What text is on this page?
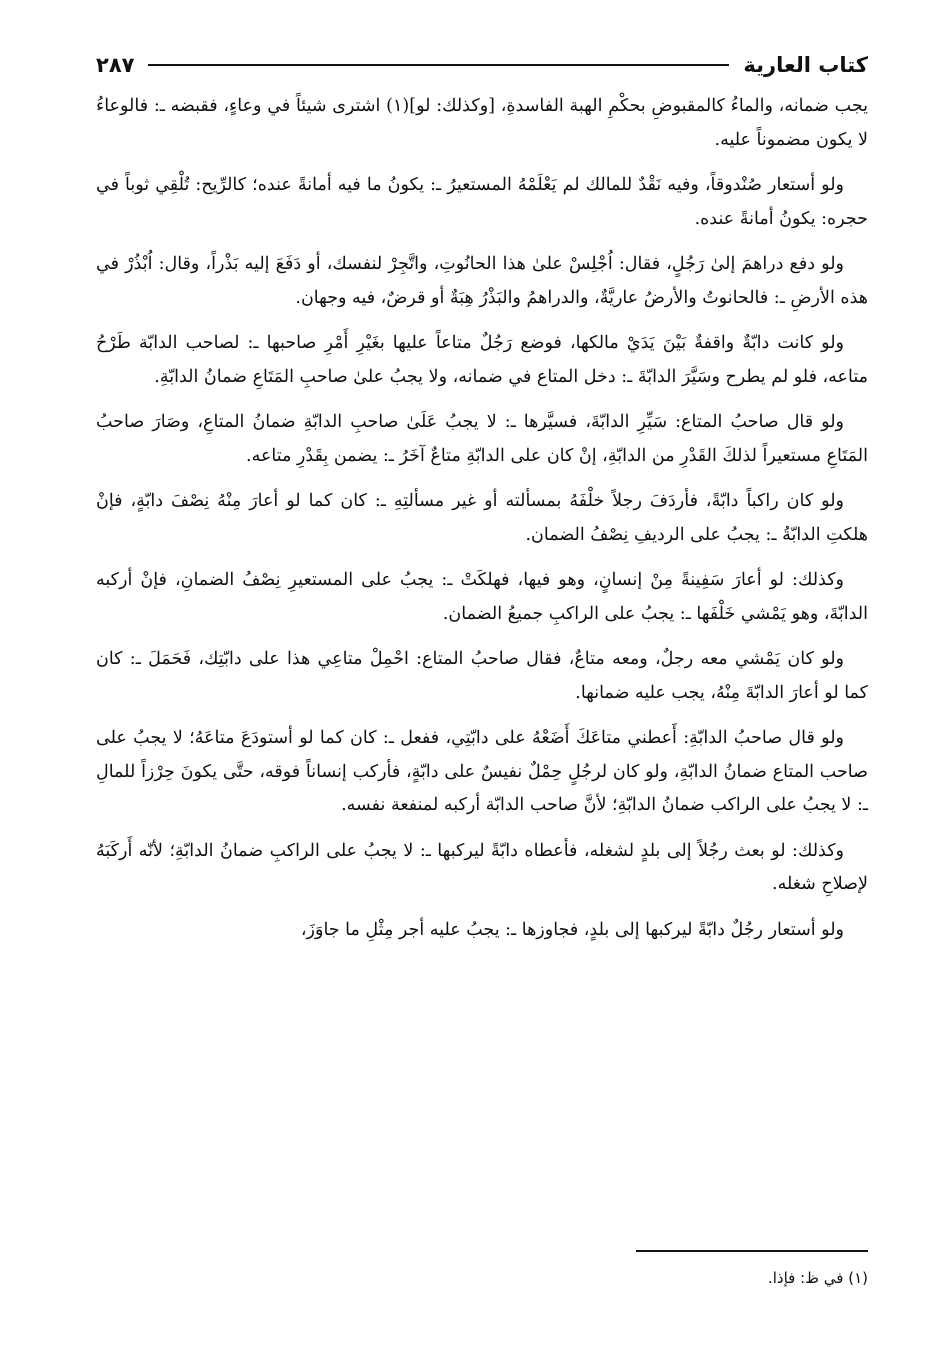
كتاب العارية
٢٨٧

يجب ضمانه، والماءُ كالمقبوضِ بحكْمِ الهبة الفاسدةِ، [وكذلك: لو](١) اشترى شيئاً في وعاءٍ، فقبضه ـ: فالوعاءُ لا يكون مضموناً عليه.

ولو أستعار صُنْدوقاً، وفيه نَقْدٌ للمالك لم يَعْلَمْهُ المستعيرُ ـ: يكونُ ما فيه أمانةً عنده؛ كالرِّيح: تُلْقِي ثوباً في حجره: يكونُ أمانةً عنده.

ولو دفع دراهمَ إلىٰ رَجُلٍ، فقال: اُجْلِسْ علىٰ هذا الحانُوتِ، واتَّجِرْ لنفسك، أو دَفَعَ إليه بَذْراً، وقال: اُبْذُرْ في هذه الأرضِ ـ: فالحانوتُ والأرضُ عاريَّةٌ، والدراهمُ والبَذْرُ هِبَةٌ أو قرضٌ، فيه وجهان.

ولو كانت دابّةٌ واقفةٌ بَيْنَ يَدَيْ مالكها، فوضع رَجُلٌ متاعاً عليها بغَيْرِ أَمْرِ صاحبها ـ: لصاحب الدابّة طَرْحُ متاعه، فلو لم يطرح وسَيَّرَ الدابّةَ ـ: دخل المتاع في ضمانه، ولا يجبُ علىٰ صاحبِ المَتَاعِ ضمانُ الدابّةِ.

ولو قال صاحبُ المتاع: سَيِّرِ الدابّةَ، فسيَّرها ـ: لا يجبُ عَلَىٰ صاحبِ الدابّةِ ضمانُ المتاعِ، وصَارَ صاحبُ المَتَاعِ مستعيراً لذلكَ القَدْرِ من الدابّةِ، إنْ كان على الدابّةِ متاعٌ آخَرُ ـ: يضمن بِقَدْرِ متاعه.

ولو كان راكباً دابّةً، فأردَفَ رجلاً خلْفَهُ بمسألته أو غير مسألتِهِ ـ: كان كما لو أعارَ مِنْهُ نِصْفَ دابّةٍ، فإنْ هلكتِ الدابّةُ ـ: يجبُ على الرديفِ نِصْفُ الضمان.

وكذلك: لو أعارَ سَفِينةً مِنْ إنسانٍ، وهو فيها، فهلكَتْ ـ: يجبُ على المستعيرِ نِصْفُ الضمانِ، فإنْ أركبه الدابّةَ، وهو يَمْشي خَلْفَها ـ: يجبُ على الراكبِ جميعُ الضمان.

ولو كان يَمْشي معه رجلٌ، ومعه متاعٌ، فقال صاحبُ المتاع: احْمِلْ متاعِي هذا على دابّتِك، فَحَمَلَ ـ: كان كما لو أعارَ الدابّةَ مِنْهُ، يجب عليه ضمانها.

ولو قال صاحبُ الدابّةِ: أَعطني متاعَكَ أَضَعْهُ على دابّتِي، ففعل ـ: كان كما لو أستودَعَ متاعَهُ؛ لا يجبُ على صاحب المتاع ضمانُ الدابّةِ، ولو كان لرجُلٍ حِمْلٌ نفيسٌ على دابّةٍ، فأركب إنساناً فوقه، حتَّى يكونَ حِرْزاً للمالِ ـ: لا يجبُ على الراكب ضمانُ الدابّةِ؛ لأنَّ صاحب الدابّة أركبه لمنفعة نفسه.

وكذلك: لو بعث رجُلاً إلى بلدٍ لشغله، فأعطاه دابّةً ليركبها ـ: لا يجبُ على الراكبِ ضمانُ الدابّةِ؛ لأنّه أَركَبَهُ لإصلاحِ شغله.

ولو أستعار رجُلٌ دابّةً ليركبها إلى بلدٍ، فجاوزها ـ: يجبُ عليه أجر مِثْلِ ما جاوَزَ،

(١) في ظ: فإذا.
